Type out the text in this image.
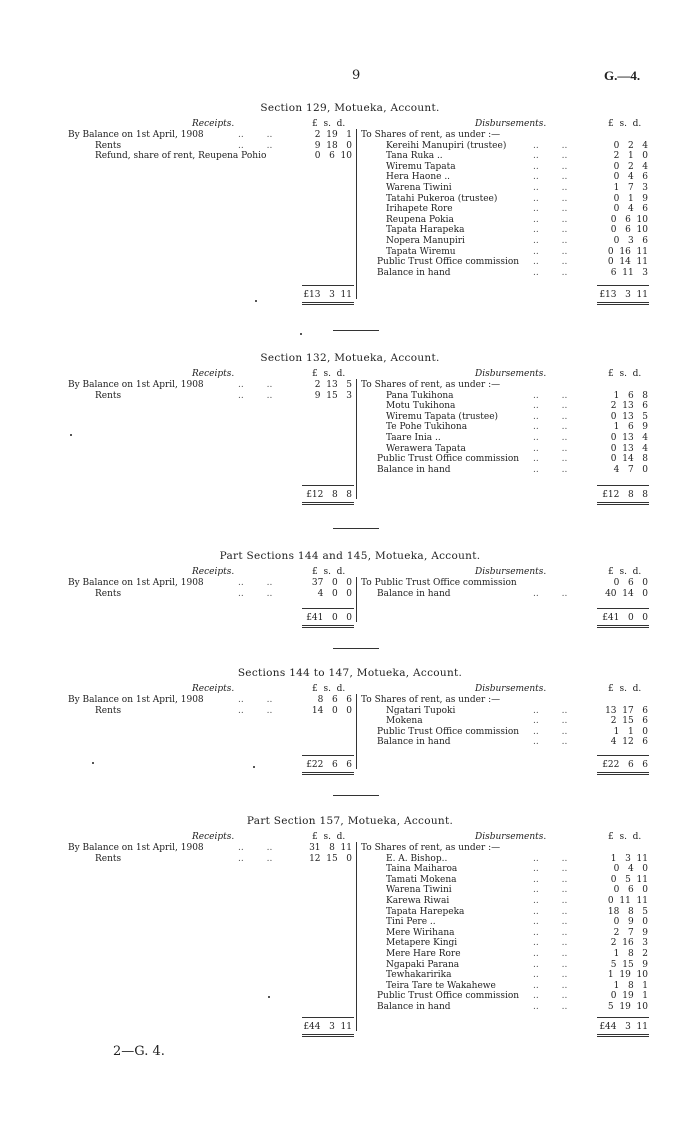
9	G.—4.
Section 129, Motueka, Account.
Receipts.	£  s.  d.	Disbursements.	£  s.  d.
By Balance on 1st April, 1908	..        ..	2  19   1
Rents	..        ..	9  18   0
Refund, share of rent, Reupena Pohio	0   6  10
To Shares of rent, as under :—
Kereihi Manupiri (trustee)	..        ..	0   2   4
Tana Ruka ..	..        ..	2   1   0
Wiremu Tapata	..        ..	0   2   4
Hera Haone ..	..        ..	0   4   6
Warena Tiwini	..        ..	1   7   3
Tatahi Pukeroa (trustee)	..        ..	0   1   9
Irihapete Rore	..        ..	0   4   6
Reupena Pokia	..        ..	0   6  10
Tapata Harapeka	..        ..	0   6  10
Nopera Manupiri	..        ..	0   3   6
Tapata Wiremu	..        ..	0  16  11
Public Trust Office commission ..        ..	0  14  11
Balance in hand	..        ..	6  11   3
£13   3  11	£13   3  11
Section 132, Motueka, Account.
Receipts.	£  s.  d.	Disbursements.	£  s.  d.
By Balance on 1st April, 1908	..        ..	2  13   5
Rents	..        ..	9  15   3
To Shares of rent, as under :—
Pana Tukihona	..        ..	1   6   8
Motu Tukihona	..        ..	2  13   6
Wiremu Tapata (trustee)	..        ..	0  13   5
Te Pohe Tukihona	..        ..	1   6   9
Taare Inia ..	..        ..	0  13   4
Werawera Tapata	..        ..	0  13   4
Public Trust Office commission ..        ..	0  14   8
Balance in hand	..        ..	4   7   0
£12   8   8	£12   8   8
Part Sections 144 and 145, Motueka, Account.
Receipts.	£  s.  d.	Disbursements.	£  s.  d.
By Balance on 1st April, 1908	..        ..	37   0   0
Rents	..        ..	4   0   0
To Public Trust Office commission	0   6   0
Balance in hand	..        ..	40  14   0
£41   0   0	£41   0   0
Sections 144 to 147, Motueka, Account.
Receipts.	£  s.  d.	Disbursements.	£  s.  d.
By Balance on 1st April, 1908	..        ..	8   6   6
Rents	..        ..	14   0   0
To Shares of rent, as under :—
Ngatari Tupoki	..        ..	13  17   6
Mokena	..        ..	2  15   6
Public Trust Office commission ..        ..	1   1   0
Balance in hand	..        ..	4  12   6
£22   6   6	£22   6   6
Part Section 157, Motueka, Account.
Receipts.	£  s.  d.	Disbursements.	£  s.  d.
By Balance on 1st April, 1908	..        ..	31   8  11
Rents	..        ..	12  15   0
To Shares of rent, as under :—
E. A. Bishop..	..        ..	1   3  11
Taina Maiharoa	..        ..	0   4   0
Tamati Mokena	..        ..	0   5  11
Warena Tiwini	..        ..	0   6   0
Karewa Riwai	..        ..	0  11  11
Tapata Harepeka	..        ..	18   8   5
Tini Pere ..	..        ..	0   9   0
Mere Wirihana	..        ..	2   7   9
Metapere Kingi	..        ..	2  16   3
Mere Hare Rore	..        ..	1   8   2
Ngapaki Parana	..        ..	5  15   9
Tewhakaririka	..        ..	1  19  10
Teira Tare te Wakahewe	..        ..	1   8   1
Public Trust Office commission ..        ..	0  19   1
Balance in hand	..        ..	5  19  10
£44   3  11	£44   3  11
2—G. 4.
